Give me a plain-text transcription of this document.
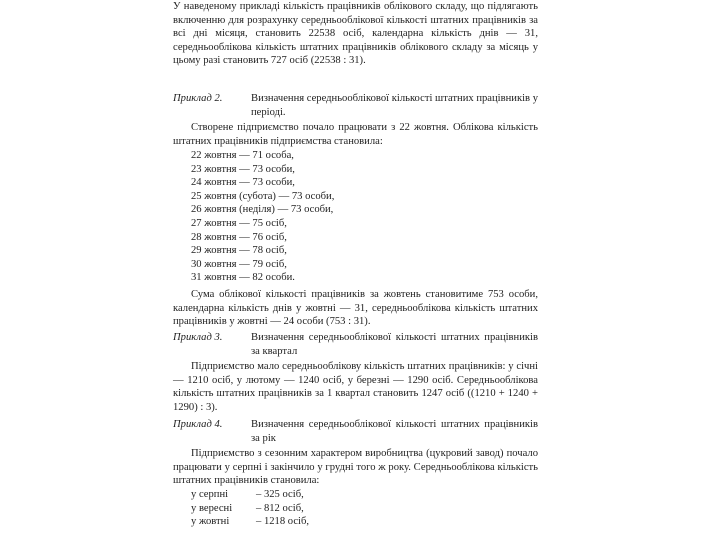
У наведеному прикладі кількість працівників облікового складу, що підлягають включенню для розрахунку середньооблікової кількості штатних працівників за всі дні місяця, становить 22538 осіб, календарна кількість днів — 31, середньооблікова кількість штатних працівників облікового складу за місяць у цьому разі становить 727 осіб (22538 : 31).

Приклад 2.	Визначення середньооблікової кількості штатних працівників у періоді.

Створене підприємство почало працювати з 22 жовтня. Облікова кількість штатних працівників підприємства становила:

22 жовтня — 71 особа,
23 жовтня — 73 особи,
24 жовтня — 73 особи,
25 жовтня (субота) — 73 особи,
26 жовтня (неділя) — 73 особи,
27 жовтня — 75 осіб,
28 жовтня — 76 осіб,
29 жовтня — 78 осіб,
30 жовтня — 79 осіб,
31 жовтня — 82 особи.

Сума облікової кількості працівників за жовтень становитиме 753 особи, календарна кількість днів у жовтні — 31, середньооблікова кількість штатних працівників у жовтні — 24 особи (753 : 31).

Приклад 3.	Визначення середньооблікової кількості штатних працівників за квартал

Підприємство мало середньооблікову кількість штатних працівників: у січні — 1210 осіб, у лютому — 1240 осіб, у березні — 1290 осіб. Середньооблікова кількість штатних працівників за 1 квартал становить 1247 осіб ((1210 + 1240 + 1290) : 3).

Приклад 4.	Визначення середньооблікової кількості штатних працівників за рік

Підприємство з сезонним характером виробництва (цукровий завод) почало працювати у серпні і закінчило у грудні того ж року. Середньооблікова кількість штатних працівників становила:

у серпні	– 325 осіб,
у вересні	– 812 осіб,
у жовтні	– 1218 осіб,
